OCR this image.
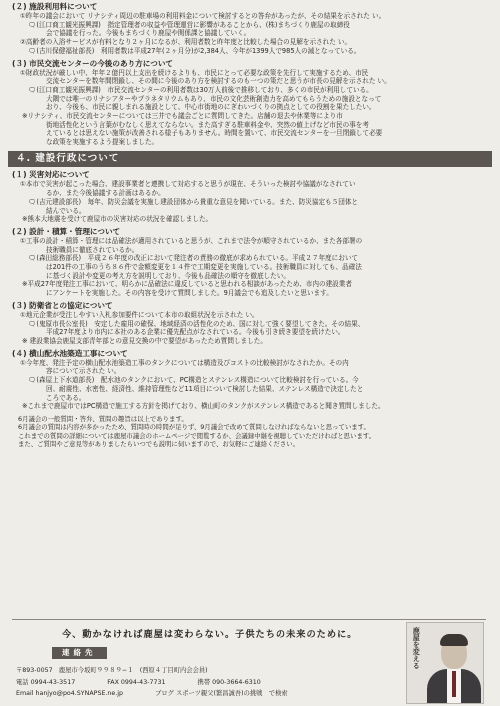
(２) 施設利用料について
①昨年の議会において リナシティ周辺の駐車場の利用料金について検討するとの答弁があったが、その結果を示された い。
🗨(江口商工観光振興課)　指定管理者の収益や管理運営に影響があることから、(株)まちづくり鹿屋の取締役
会で協議を行った。今後もまちづくり鹿屋や関係課と協議していく。
②高齢者の入浴サービスが有料となり２ヶ月になるが、利用者数と昨年度と比較した場合の見解を示された い。
🗨(古川保健福祉部長)　利用者数は平成27年(２ヶ月分)が2,384人、今年が1399人で985人の減となっている。
(３) 市民交流センターの今後のあり方について
①財政状況が厳しい中、年年２億円以上支出を続けるよりも、市民にとって必要な政策を先行して実施するため、市民
交流センターを数年間閉鎖し、その間に今後のあり方を検討するのも一つの策だと思うが市長の見解を示された い。
🗨(江口商工観光振興課)　市民交流センターの利用者数は30万人前後で推移しており、多くの市民が利用している。
大隅では唯一のリナシアターやプラネタリウムもあり、市民の文化芸術創造力を高めてもらうための施設となって
おり、今後も、市民に親しまれる施設として、中心市街地のにぎわいづくりの拠点としての役割を果たしたい。
※リナシティ、市民交流センターについては三井でも議会ごとに質問してきた。店舗の退去や休業等により市
街地活性化という言葉がむなしく思えてならない。また高すぎる駐車料金や、突然の値上げなど市民の事を考
えているとは思えない施策が改善される様子もありません。時間を置いて、市民交流センターを一旦閉鎖して必要
な政策を実施するよう提案しました。
４. 建設行政について
(１) 災害対応について
①本市で災害が起こった場合、建設事業者と連携して対応すると思うが現在、そういった検討や協議がなされてい
るか、また今後協議する計画はあるか。
🗨(吉元建設部長)　毎年、防災会議を実施し建設団体から貴重な意見を聞いている。また、防災協定も５団体と
結んでいる。
※熊本大地震を受けて鹿屋市の災害対応の状況を確認しました。
(２) 設計・積算・管理について
①工事の設計・積算・管理には品確法が適用されていると思うが、これまで法令が順守されているか、また各部署の
技術職員に徹底されているか。
🗨(森田総務部長)　平成２６年度の改正において発注者の責務の徹底が求められている。平成２７年度において
は201件の工事のうち８６件で金額変更を１４件で工期変更を実施している。技術職員に対しても、品確法
に基づく設計や変更の考え方を説明しており、今後も品確法の順守を徹底したい。
※平成27年度発注工事において、明らかに品確法に違反していると思われる相談があったため、市内の建設業者
にアンケートを実施した。その内容を受けて質問しました。9月議会でも追及したいと思います。
(３) 防衛省との協定について
①地元企業が受注しやすい入札参加要件について本市の取組状況を示された い。
🗨(鬼原市長公室長)　安定した雇用の確保、地域経済の活性化のため、国に対して強く要望してきた。その結果、
平成27年度より市内に本社のある企業に優先配点がなされている。今後も引き続き要望を続けたい。
※ 建設業協会鹿屋支部青年部との意見交換の中で要望があったため質問しました。
(４) 横山配水池築造工事について
①今年度、発注予定の横山配水池築造工事のタンクについては構造及びコストの比較検討がなされたか。その内
容について示された い。
🗨(森屋上下水道部長)　配水池のタンクにおいて、PC構造とステンレス構造について比較検討を行っている。今
回、耐震性、水密性、経済性、維持管理性など11項目について検討した結果、ステンレス構造で決定したと
ころである。
※これまで鹿屋市ではPC構造で施工する方針を掲げており、横山町のタンクがステンレス構造であると聞き質問しました。
6月議会の一般質問・答弁、質問の趣旨は以上であります。
6月議会の質問は内容が多かったため、質問時の時間が足りず、9月議会で改めて質問しなければならないと思っています。
これまでの質問の詳細については鹿屋市議会のホームページで閲覧するか、会議録中継を視聴していただければと思います。
また、ご質問やご意見等がありましたらいつでも説明に伺いますので、お気軽にご連絡ください。
今、動かなければ鹿屋は変わらない。子供たちの未来のために。
連絡先
〒893-0057　鹿屋市今坂町９９８９−１　(西原４丁目町内会会員)
電話 0994-43-3517	FAX 0994-43-7731	携帯 090-3664-6310
Email hanjyo@po4.SYNAPSE.ne.jp	ブログ スポーツ親父(繁昌誠吾)の挑戦　で検索
鹿屋を変える
